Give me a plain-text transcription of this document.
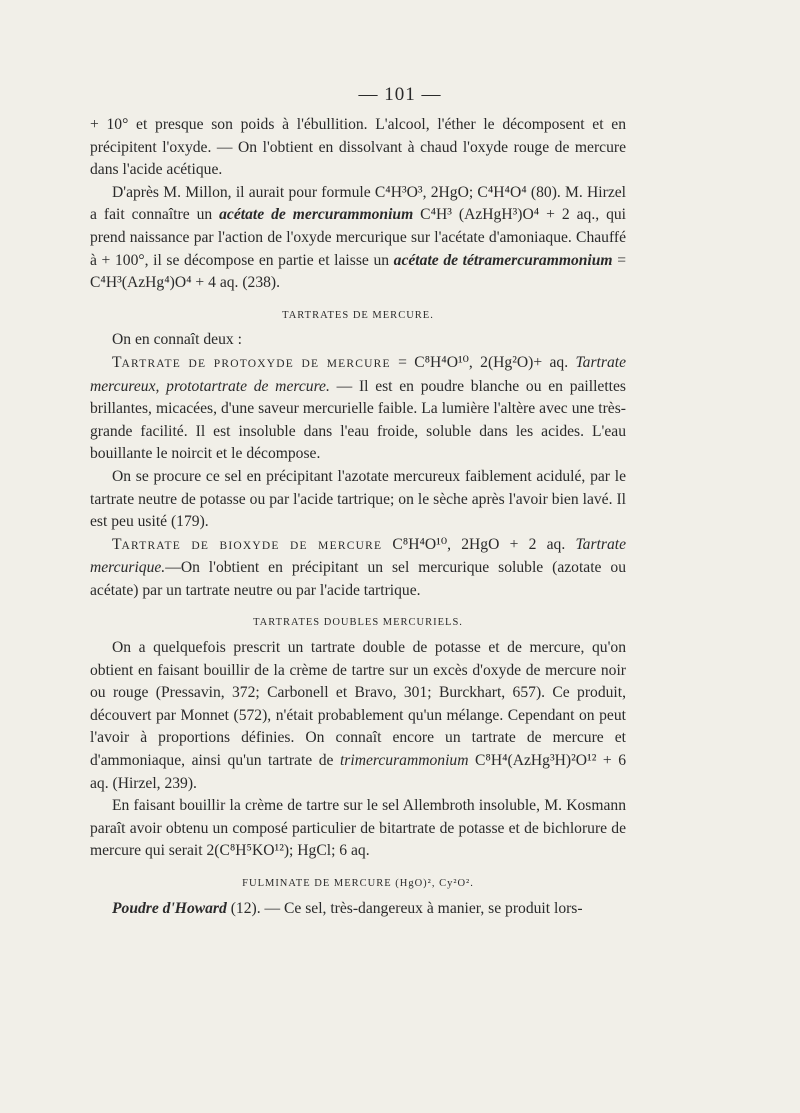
— 101 —

+ 10° et presque son poids à l'ébullition. L'alcool, l'éther le décomposent et en précipitent l'oxyde. — On l'obtient en dissolvant à chaud l'oxyde rouge de mercure dans l'acide acétique.

D'après M. Millon, il aurait pour formule C⁴H³O³, 2HgO; C⁴H⁴O⁴ (80). M. Hirzel a fait connaître un acétate de mercurammonium C⁴H³ (AzHgH³)O⁴ + 2 aq., qui prend naissance par l'action de l'oxyde mercurique sur l'acétate d'amoniaque. Chauffé à + 100°, il se décompose en partie et laisse un acétate de tétramercurammonium = C⁴H³(AzHg⁴)O⁴ + 4 aq. (238).

TARTRATES DE MERCURE.

On en connaît deux :

TARTRATE DE PROTOXYDE DE MERCURE = C⁸H⁴O¹⁰, 2(Hg²O)+ aq. Tartrate mercureux, prototartrate de mercure. — Il est en poudre blanche ou en paillettes brillantes, micacées, d'une saveur mercurielle faible. La lumière l'altère avec une très-grande facilité. Il est insoluble dans l'eau froide, soluble dans les acides. L'eau bouillante le noircit et le décompose.

On se procure ce sel en précipitant l'azotate mercureux faiblement acidulé, par le tartrate neutre de potasse ou par l'acide tartrique; on le sèche après l'avoir bien lavé. Il est peu usité (179).

TARTRATE DE BIOXYDE DE MERCURE C⁸H⁴O¹⁰, 2HgO + 2 aq. Tartrate mercurique.—On l'obtient en précipitant un sel mercurique soluble (azotate ou acétate) par un tartrate neutre ou par l'acide tartrique.

TARTRATES DOUBLES MERCURIELS.

On a quelquefois prescrit un tartrate double de potasse et de mercure, qu'on obtient en faisant bouillir de la crème de tartre sur un excès d'oxyde de mercure noir ou rouge (Pressavin, 372; Carbonell et Bravo, 301; Burckhart, 657). Ce produit, découvert par Monnet (572), n'était probablement qu'un mélange. Cependant on peut l'avoir à proportions définies. On connaît encore un tartrate de mercure et d'ammoniaque, ainsi qu'un tartrate de trimercurammonium C⁸H⁴(AzHg³H)²O¹² + 6 aq. (Hirzel, 239).

En faisant bouillir la crème de tartre sur le sel Allembroth insoluble, M. Kosmann paraît avoir obtenu un composé particulier de bitartrate de potasse et de bichlorure de mercure qui serait 2(C⁸H⁵KO¹²); HgCl; 6 aq.

FULMINATE DE MERCURE (HgO)², Cy²O².

Poudre d'Howard (12). — Ce sel, très-dangereux à manier, se produit lors-
